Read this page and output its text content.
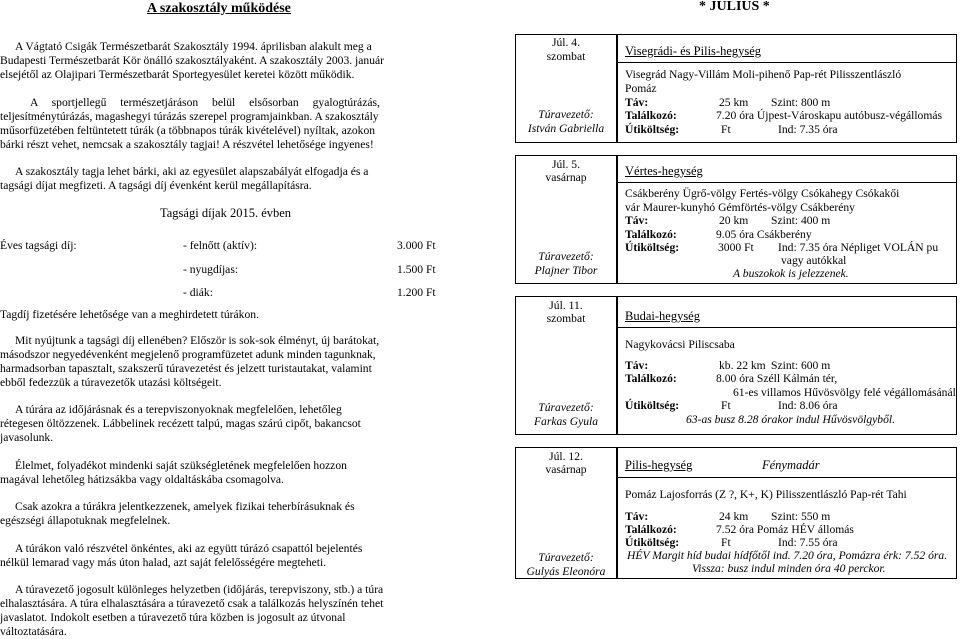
A szakosztály működése
A Vágtató Csigák Természetbarát Szakosztály 1994. áprilisban alakult meg a
Budapesti Természetbarát Kör önálló szakosztályaként. A szakosztály 2003. január
elsejétől az Olajipari Természetbarát Sportegyesület keretei között működik.
A sportjellegű természetjáráson belül elsősorban gyalogtúrázás,
teljesítménytúrázás, magashegyi túrázás szerepel programjainkban. A szakosztály
műsorfüzetében feltüntetett túrák (a többnapos túrák kivételével) nyíltak, azokon
bárki részt vehet, nemcsak a szakosztály tagjai! A részvétel lehetősége ingyenes!
A szakosztály tagja lehet bárki, aki az egyesület alapszabályát elfogadja és a
tagsági díjat megfizeti. A tagsági díj évenként kerül megállapításra.
Tagsági díjak 2015. évben
Éves tagsági díj:	- felnőtt (aktív):	3.000 Ft
- nyugdíjas:	1.500 Ft
- diák:	1.200 Ft
Tagdíj fizetésére lehetősége van a meghirdetett túrákon.
Mit nyújtunk a tagsági díj ellenében? Először is sok-sok élményt, új barátokat,
másodszor negyedévenként megjelenő programfüzetet adunk minden tagunknak,
harmadsorban tapasztalt, szakszerű túravezetést és jelzett turistautakat, valamint
ebből fedezzük a túravezetők utazási költségeit.
A túrára az időjárásnak és a terepviszonyoknak megfelelően, lehetőleg
rétegesen öltözzenek. Lábbelinek recézett talpú, magas szárú cipőt, bakancsot
javasolunk.
Élelmet, folyadékot mindenki saját szükségletének megfelelően hozzon
magával lehetőleg hátizsákba vagy oldaltáskába csomagolva.
Csak azokra a túrákra jelentkezzenek, amelyek fizikai teherbírásuknak és
egészségi állapotuknak megfelelnek.
A túrákon való részvétel önkéntes, aki az együtt túrázó csapattól bejelentés
nélkül lemarad vagy más úton halad, azt saját felelősségére megteheti.
A túravezető jogosult különleges helyzetben (időjárás, terepviszony, stb.) a túra
elhalasztására. A túra elhalasztására a túravezető csak a találkozás helyszínén tehet
javaslatot. Indokolt esetben a túravezető túra közben is jogosult az útvonal
változtatására.
* JÚLIUS *
Júl. 4.
szombat
Túravezető:
István Gabriella
Visegrádi- és Pilis-hegység
Visegrád Nagy-Villám Moli-pihenő Pap-rét Pilisszentlászló
Pomáz
Táv:	25 km Szint: 800 m
Találkozó:	7.20 óra Újpest-Városkapu autóbusz-végállomás
Útiköltség:	Ft	Ind: 7.35 óra
Júl. 5.
vasárnap
Túravezető:
Plajner Tibor
Vértes-hegység
Csákberény Ügrő-völgy Fertés-völgy Csókahegy Csókakői
vár Maurer-kunyhó Gémförtés-völgy Csákberény
Táv:	20 km Szint: 400 m
Találkozó:	9.05 óra Csákberény
Útiköltség:	3000 Ft Ind: 7.35 óra Népliget VOLÁN pu
vagy autókkal
A buszokok is jelezzenek.
Júl. 11.
szombat
Túravezető:
Farkas Gyula
Budai-hegység
Nagykovácsi Piliscsaba
Táv:	kb. 22 km Szint: 600 m
Találkozó:	8.00 óra Széll Kálmán tér,
61-es villamos Hűvösvölgy felé végállomásánál
Útiköltség:	Ft	Ind: 8.06 óra
63-as busz 8.28 órakor indul Hűvösvölgyből.
Júl. 12.
vasárnap
Túravezető:
Gulyás Eleonóra
Pilis-hegység	Fénymadár
Pomáz Lajosforrás (Z ?, K+, K) Pilisszentlászló Pap-rét Tahi
Táv:	24 km Szint: 550 m
Találkozó:	7.52 óra Pomáz HÉV állomás
Útiköltség:	Ft	Ind: 7.55 óra
HÉV Margit híd budai hídfőtől ind. 7.20 óra, Pomázra érk: 7.52 óra.
Vissza: busz indul minden óra 40 perckor.
